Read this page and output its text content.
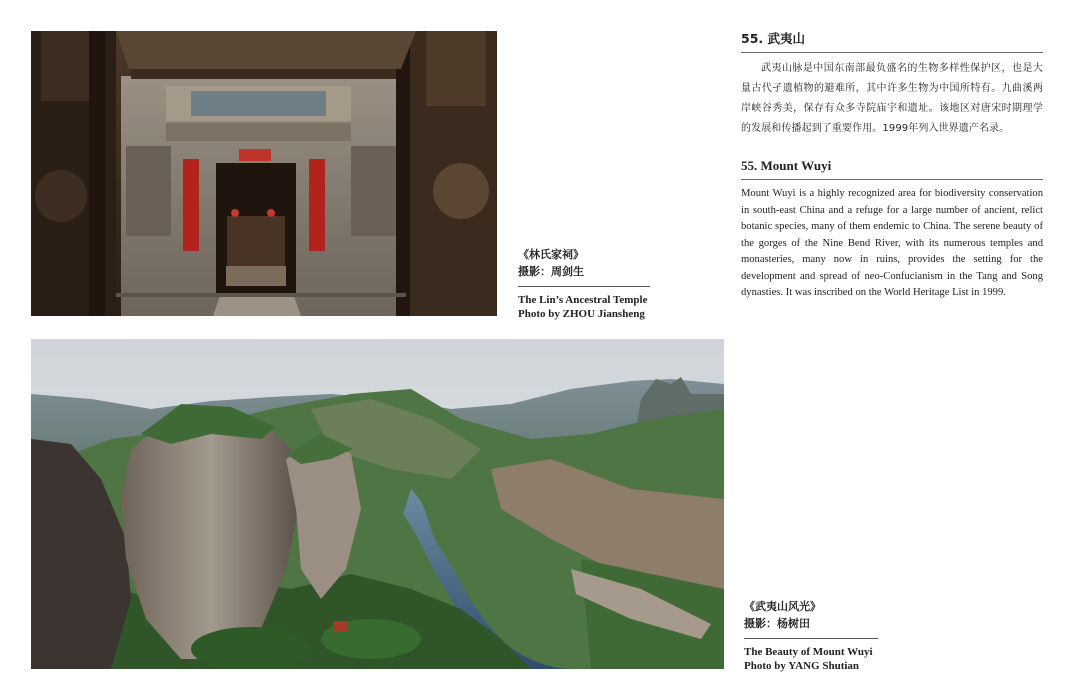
《林氏家祠》
摄影：周剑生
The Lin’s Ancestral Temple
Photo by ZHOU Jiansheng
55. 武夷山
武夷山脉是中国东南部最负盛名的生物多样性保护区，也是大量古代孑遗植物的避难所，其中许多生物为中国所特有。九曲溪两岸峡谷秀美，保存有众多寺院庙宇和遗址。该地区对唐宋时期理学的发展和传播起到了重要作用。1999年列入世界遗产名录。
55. Mount Wuyi
Mount Wuyi is a highly recognized area for biodiversity conservation in south-east China and a refuge for a large number of ancient, relict botanic species, many of them endemic to China. The serene beauty of the gorges of the Nine Bend River, with its numerous temples and monasteries, many now in ruins, provides the setting for the development and spread of neo-Confucianism in the Tang and Song dynasties. It was inscribed on the World Heritage List in 1999.
《武夷山风光》
摄影：杨树田
The Beauty of Mount Wuyi
Photo by YANG Shutian
